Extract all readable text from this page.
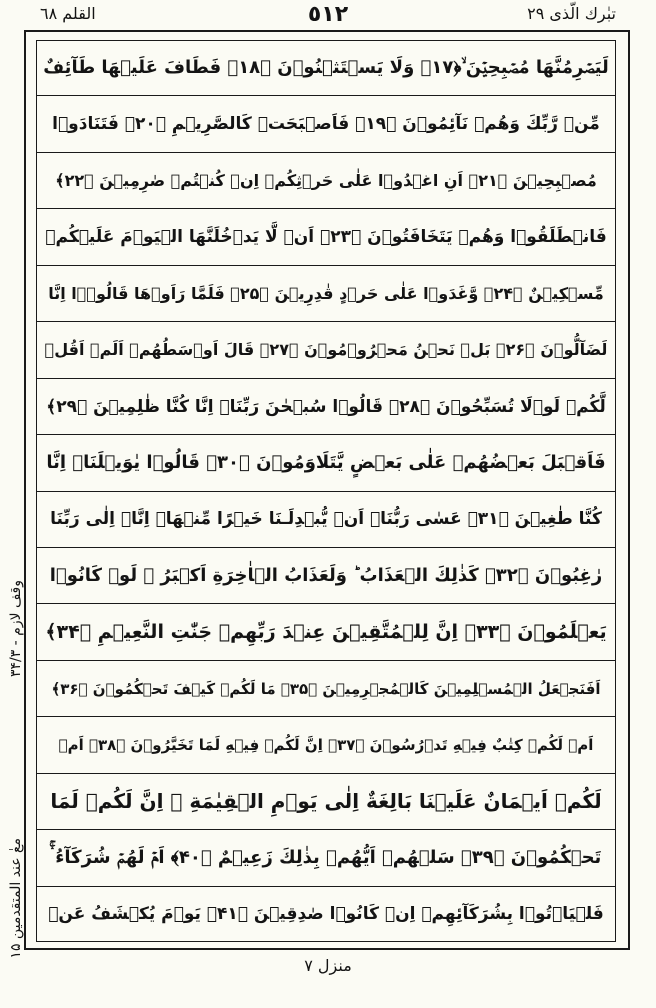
القلم ٦٨	٥١٢	تبٰرك الّذى ٢٩
لَيَصۡرِمُنَّهَا مُصۡبِحِيۡنَ ۙ﴿۱۷﴾ وَلَا يَسۡتَثۡنُوۡنَ ﴿۱۸﴾ فَطَافَ عَلَيۡهَا طَآئِفٌ
مِّنۡ رَّبِّكَ وَهُمۡ نَآئِمُوۡنَ ﴿۱۹﴾ فَاَصۡبَحَتۡ كَالصَّرِيۡمِ ﴿۲۰﴾ فَتَنَادَوۡا
مُصۡبِحِيۡنَ ﴿۲۱﴾ اَنِ اغۡدُوۡا عَلٰى حَرۡثِكُمۡ اِنۡ كُنۡتُمۡ صٰرِمِيۡنَ ﴿۲۲﴾
فَانۡطَلَقُوۡا وَهُمۡ يَتَخَافَتُوۡنَ ﴿۲۳﴾ اَنۡ لَّا يَدۡخُلَنَّهَا الۡيَوۡمَ عَلَيۡكُمۡ
مِّسۡكِيۡنٌ ﴿۲۴﴾ وَّغَدَوۡا عَلٰى حَرۡدٍ قٰدِرِيۡنَ ﴿۲۵﴾ فَلَمَّا رَاَوۡهَا قَالُوۡۤا اِنَّا
لَضَآلُّوۡنَ ﴿۲۶﴾ بَلۡ نَحۡنُ مَحۡرُوۡمُوۡنَ ﴿۲۷﴾ قَالَ اَوۡسَطُهُمۡ اَلَمۡ اَقُلۡ
لَّكُمۡ لَوۡلَا تُسَبِّحُوۡنَ ﴿۲۸﴾ قَالُوۡا سُبۡحٰنَ رَبِّنَاۤ اِنَّا كُنَّا ظٰلِمِيۡنَ ﴿۲۹﴾
فَاَقۡبَلَ بَعۡضُهُمۡ عَلٰى بَعۡضٍ يَّتَلَاوَمُوۡنَ ﴿۳۰﴾ قَالُوۡا يٰوَيۡلَنَاۤ اِنَّا
كُنَّا طٰغِيۡنَ ﴿۳۱﴾ عَسٰى رَبُّنَاۤ اَنۡ يُّبۡدِلَـنَا خَيۡرًا مِّنۡهَاۤ اِنَّاۤ اِلٰى رَبِّنَا
رٰغِبُوۡنَ ﴿۳۲﴾ كَذٰلِكَ الۡعَذَابُ ؕ وَلَعَذَابُ الۡاٰخِرَةِ اَكۡبَرُ ۘ لَوۡ كَانُوۡا
يَعۡلَمُوۡنَ ﴿۳۳﴾ اِنَّ لِلۡمُتَّقِيۡنَ عِنۡدَ رَبِّهِمۡ جَنّٰتِ النَّعِيۡمِ ﴿۳۴﴾
اَفَنَجۡعَلُ الۡمُسۡلِمِيۡنَ كَالۡمُجۡرِمِيۡنَ ﴿۳۵﴾ مَا لَكُمۡ كَيۡفَ تَحۡكُمُوۡنَ ﴿۳۶﴾
اَمۡ لَكُمۡ كِتٰبٌ فِيۡهِ تَدۡرُسُوۡنَ ﴿۳۷﴾ اِنَّ لَكُمۡ فِيۡهِ لَمَا تَخَيَّرُوۡنَ ﴿۳۸﴾ اَمۡ
لَكُمۡ اَيۡمَانٌ عَلَيۡنَا بَالِغَةٌ اِلٰى يَوۡمِ الۡقِيٰمَةِ ۙ اِنَّ لَكُمۡ لَمَا
تَحۡكُمُوۡنَ ﴿۳۹﴾ سَلۡهُمۡ اَيُّهُمۡ بِذٰلِكَ زَعِيۡمٌ ﴿۴۰﴾ اَمۡ لَهُمۡ شُرَكَآءُ ۛۚ
فَلۡيَاۡتُوۡا بِشُرَكَآئِهِمۡ اِنۡ كَانُوۡا صٰدِقِيۡنَ ﴿۴۱﴾ يَوۡمَ يُكۡشَفُ عَنۡ
وقف لازم - ۳۴/۳
معٰ عند المتقدمين ۱۵
منزل ۷
